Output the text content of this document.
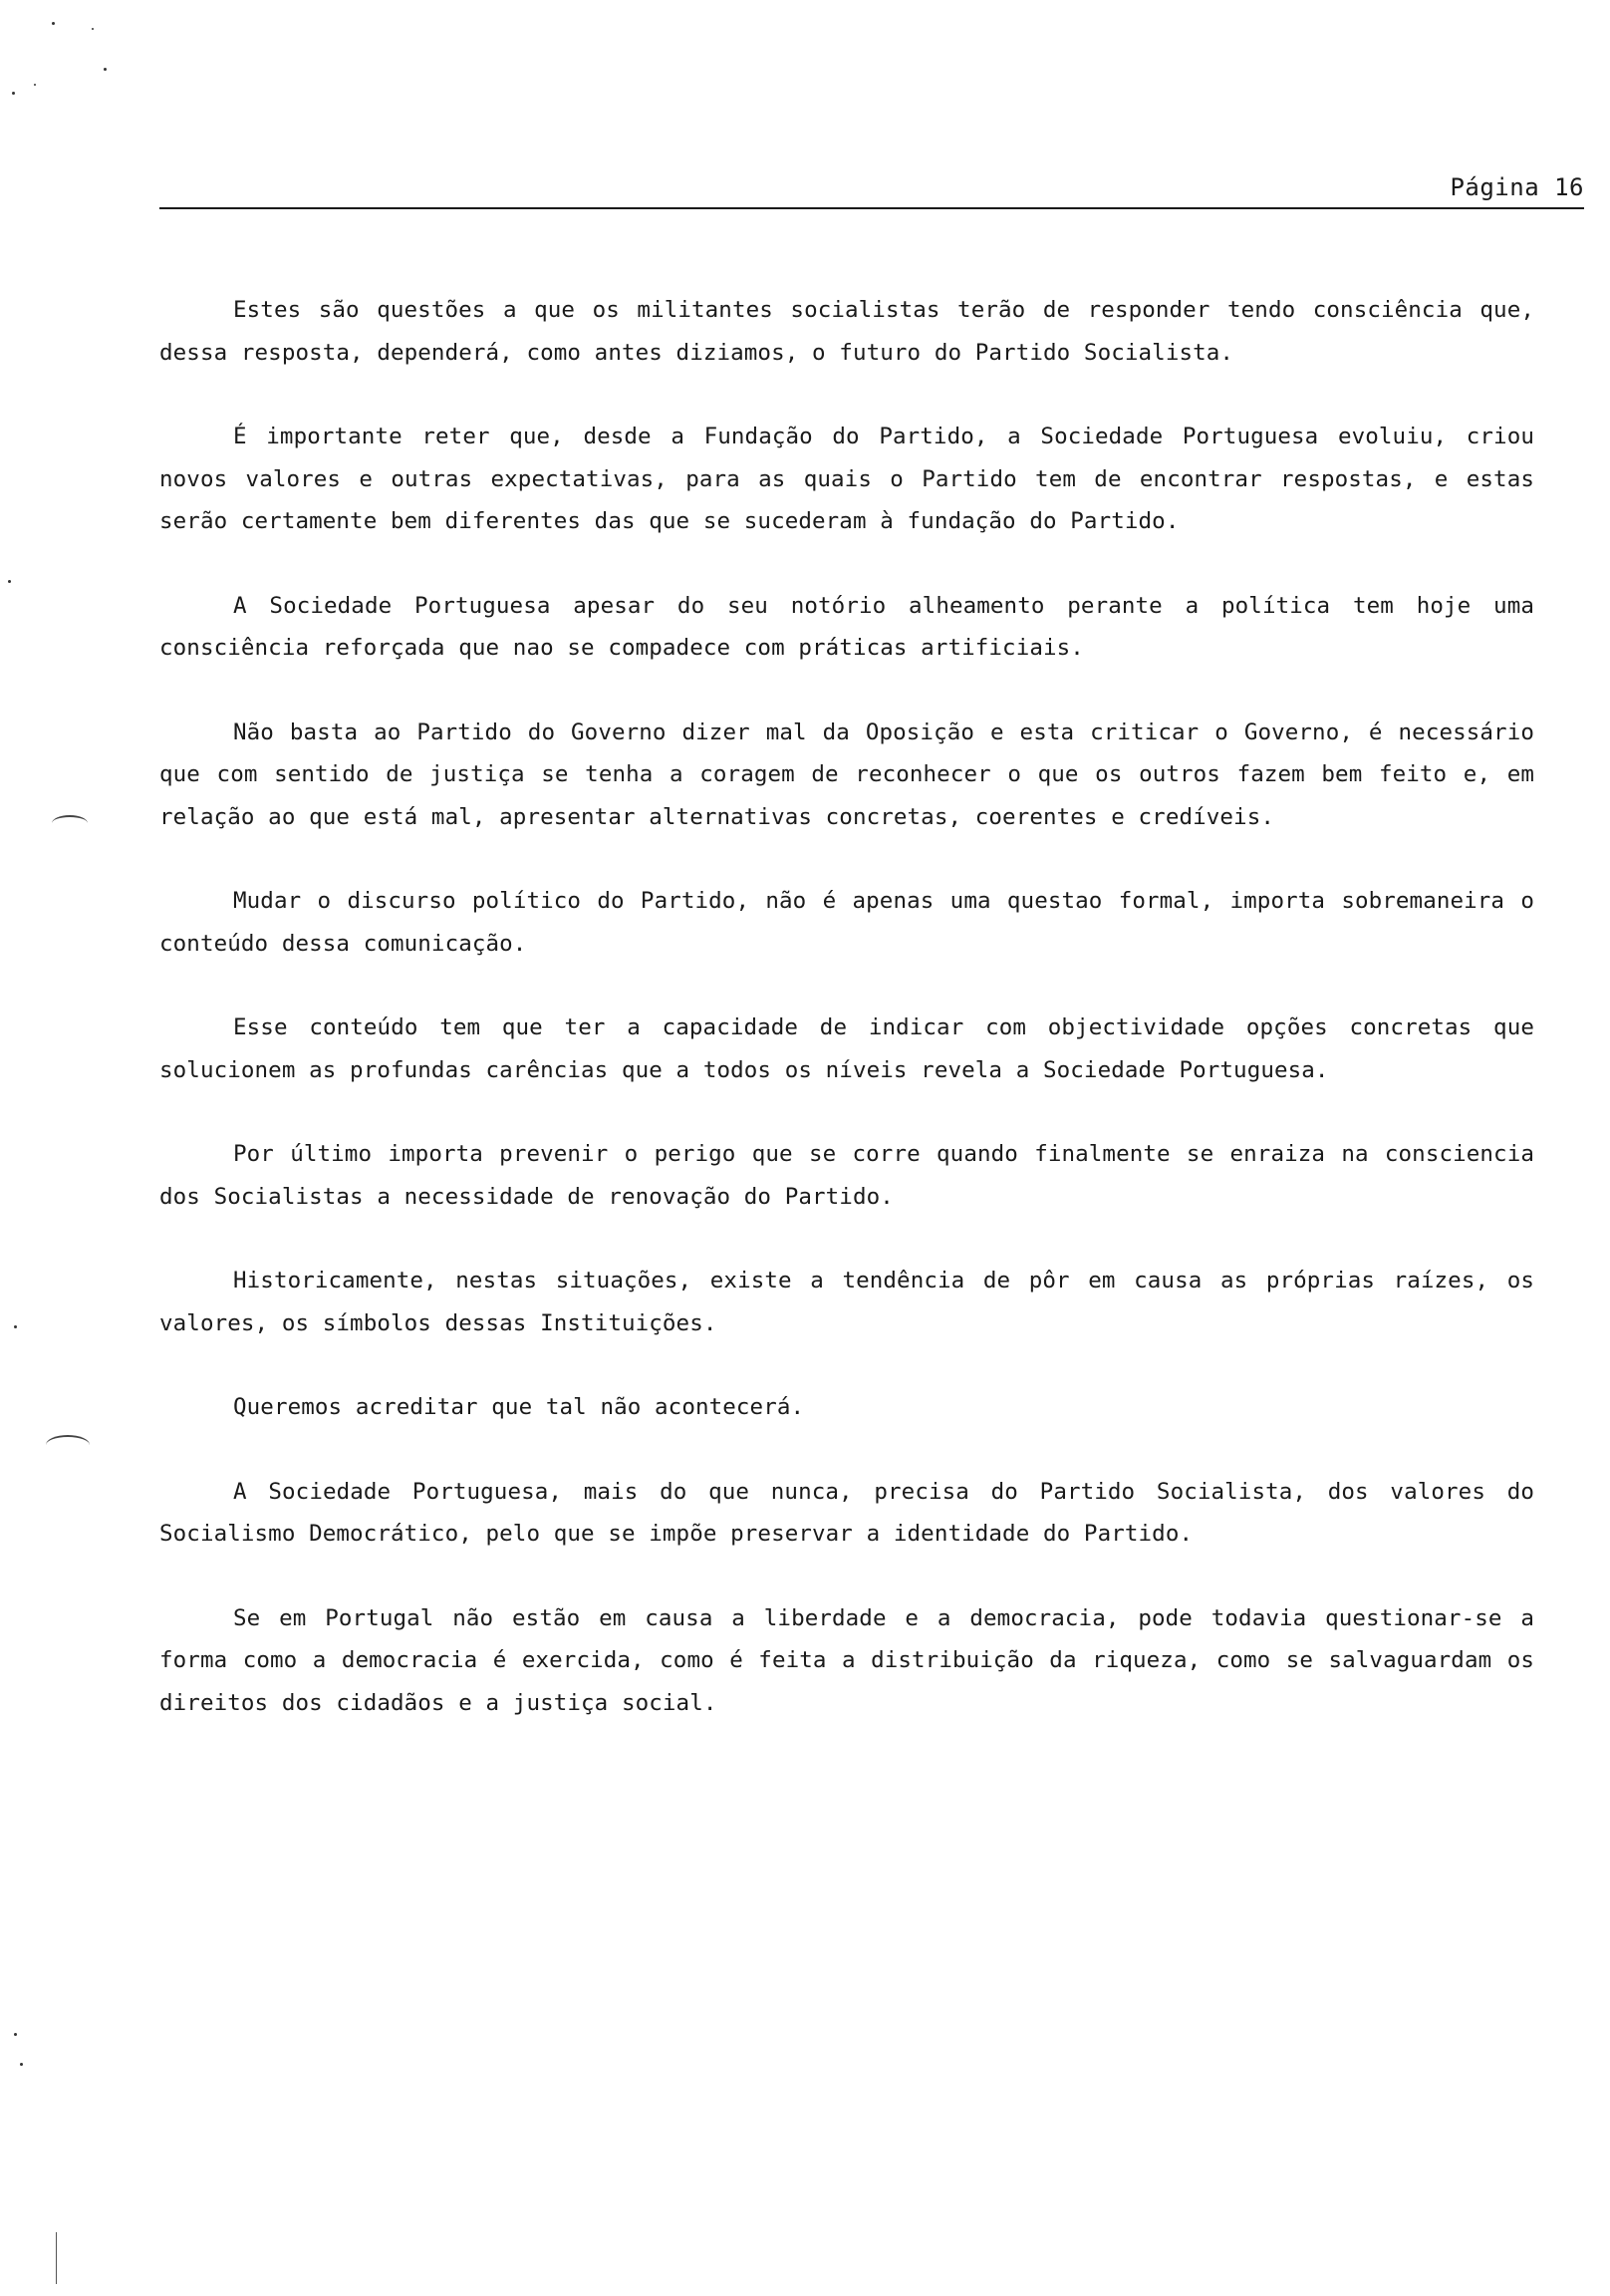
Página 16

Estes são questões a que os militantes socialistas terão de responder tendo consciência que, dessa resposta, dependerá, como antes diziamos, o futuro do Partido Socialista.

É importante reter que, desde a Fundação do Partido, a Sociedade Portuguesa evoluiu, criou novos valores e outras expectativas, para as quais o Partido tem de encontrar respostas, e estas serão certamente bem diferentes das que se sucederam à fundação do Partido.

A Sociedade Portuguesa apesar do seu notório alheamento perante a política tem hoje uma consciência reforçada que nao se compadece com práticas artificiais.

Não basta ao Partido do Governo dizer mal da Oposição e esta criticar o Governo, é necessário que com sentido de justiça se tenha a coragem de reconhecer o que os outros fazem bem feito e, em relação ao que está mal, apresentar alternativas concretas, coerentes e credíveis.

Mudar o discurso político do Partido, não é apenas uma questao formal, importa sobremaneira o conteúdo dessa comunicação.

Esse conteúdo tem que ter a capacidade de indicar com objectividade opções concretas que solucionem as profundas carências que a todos os níveis revela a Sociedade Portuguesa.

Por último importa prevenir o perigo que se corre quando finalmente se enraiza na consciencia dos Socialistas a necessidade de renovação do Partido.

Historicamente, nestas situações, existe a tendência de pôr em causa as próprias raízes, os valores, os símbolos dessas Instituições.

Queremos acreditar que tal não acontecerá.

A Sociedade Portuguesa, mais do que nunca, precisa do Partido Socialista, dos valores do Socialismo Democrático, pelo que se impõe preservar a identidade do Partido.

Se em Portugal não estão em causa a liberdade e a democracia, pode todavia questionar-se a forma como a democracia é exercida, como é feita a distribuição da riqueza, como se salvaguardam os direitos dos cidadãos e a justiça social.
